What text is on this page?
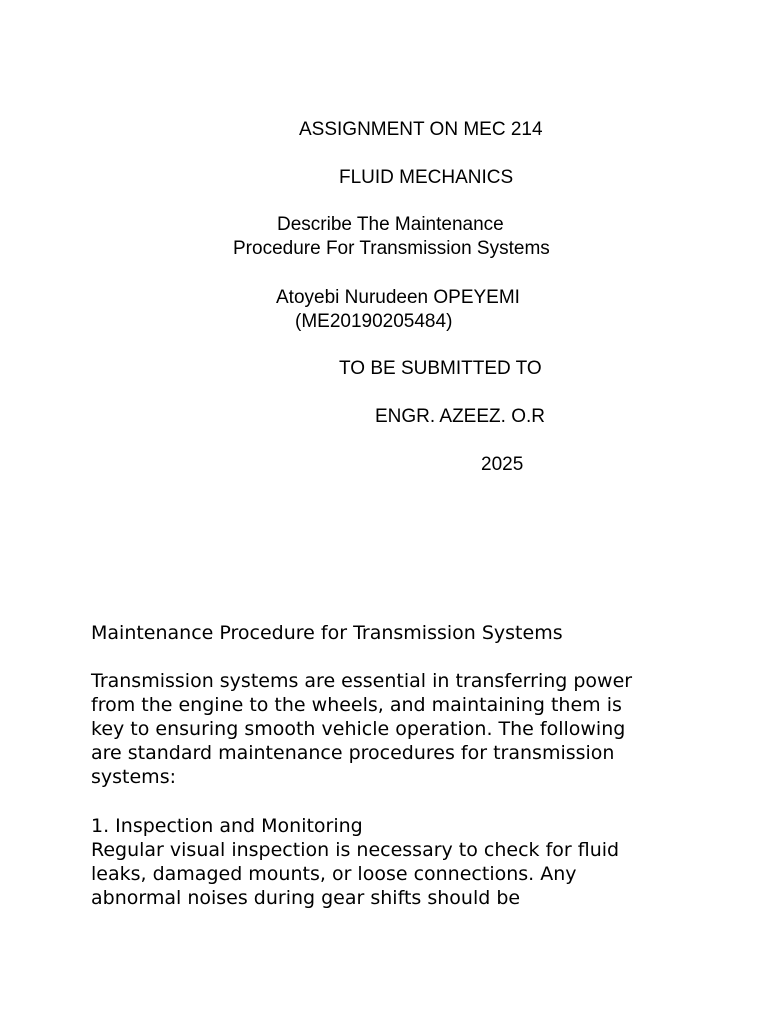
ASSIGNMENT ON MEC 214
FLUID MECHANICS
Describe The Maintenance
Procedure For Transmission Systems
Atoyebi Nurudeen OPEYEMI
(ME20190205484)
TO BE SUBMITTED TO
ENGR. AZEEZ. O.R
2025
Maintenance Procedure for Transmission Systems
Transmission systems are essential in transferring power
from the engine to the wheels, and maintaining them is
key to ensuring smooth vehicle operation. The following
are standard maintenance procedures for transmission
systems:
1. Inspection and Monitoring
Regular visual inspection is necessary to check for fluid
leaks, damaged mounts, or loose connections. Any
abnormal noises during gear shifts should be
